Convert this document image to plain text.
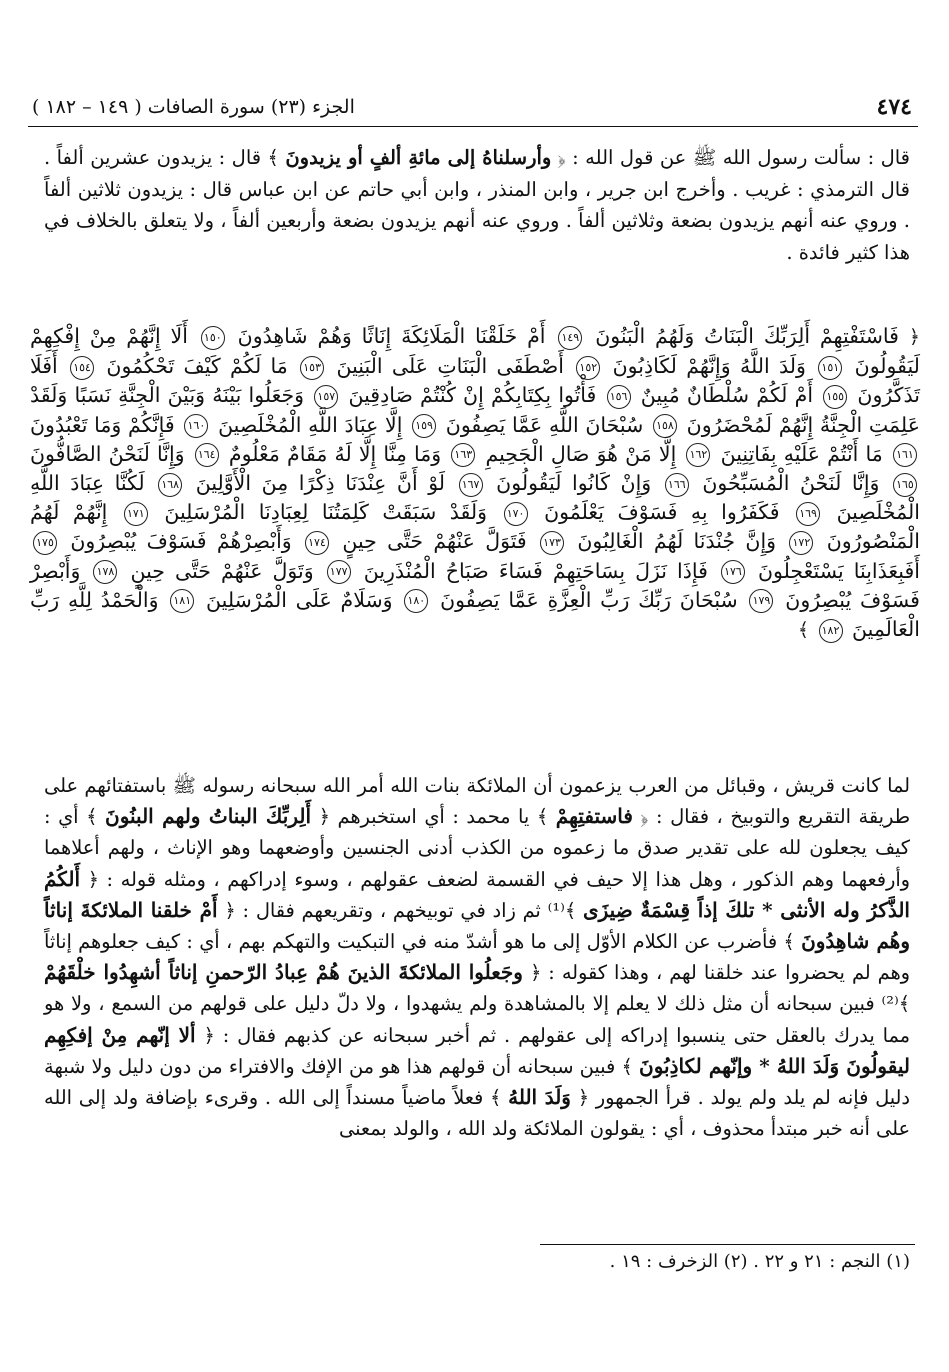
٤٧٤
الجزء (٢٣) سورة الصافات ( ١٤٩ – ١٨٢ )
قال : سألت رسول الله ﷺ عن قول الله : ﴿ وأرسلناهُ إلى مائةِ ألفٍ أو يزيدونَ ﴾ قال : يزيدون عشرين ألفاً . قال الترمذي : غريب . وأخرج ابن جرير ، وابن المنذر ، وابن أبي حاتم عن ابن عباس قال : يزيدون ثلاثين ألفاً . وروي عنه أنهم يزيدون بضعة وثلاثين ألفاً . وروي عنه أنهم يزيدون بضعة وأربعين ألفاً ، ولا يتعلق بالخلاف في هذا كثير فائدة .
﴿ فَاسْتَفْتِهِمْ أَلِرَبِّكَ الْبَنَاتُ وَلَهُمُ الْبَنُونَ ١٤٩ أَمْ خَلَقْنَا الْمَلَائِكَةَ إِنَاثًا وَهُمْ شَاهِدُونَ ١٥٠ أَلَا إِنَّهُمْ مِنْ إِفْكِهِمْ لَيَقُولُونَ ١٥١ وَلَدَ اللَّهُ وَإِنَّهُمْ لَكَاذِبُونَ ١٥٢ أَصْطَفَى الْبَنَاتِ عَلَى الْبَنِينَ ١٥٣ مَا لَكُمْ كَيْفَ تَحْكُمُونَ ١٥٤ أَفَلَا تَذَكَّرُونَ ١٥٥ أَمْ لَكُمْ سُلْطَانٌ مُبِينٌ ١٥٦ فَأْتُوا بِكِتَابِكُمْ إِنْ كُنْتُمْ صَادِقِينَ ١٥٧ وَجَعَلُوا بَيْنَهُ وَبَيْنَ الْجِنَّةِ نَسَبًا وَلَقَدْ عَلِمَتِ الْجِنَّةُ إِنَّهُمْ لَمُحْضَرُونَ ١٥٨ سُبْحَانَ اللَّهِ عَمَّا يَصِفُونَ ١٥٩ إِلَّا عِبَادَ اللَّهِ الْمُخْلَصِينَ ١٦٠ فَإِنَّكُمْ وَمَا تَعْبُدُونَ ١٦١ مَا أَنْتُمْ عَلَيْهِ بِفَاتِنِينَ ١٦٢ إِلَّا مَنْ هُوَ صَالِ الْجَحِيمِ ١٦٣ وَمَا مِنَّا إِلَّا لَهُ مَقَامٌ مَعْلُومٌ ١٦٤ وَإِنَّا لَنَحْنُ الصَّافُّونَ ١٦٥ وَإِنَّا لَنَحْنُ الْمُسَبِّحُونَ ١٦٦ وَإِنْ كَانُوا لَيَقُولُونَ ١٦٧ لَوْ أَنَّ عِنْدَنَا ذِكْرًا مِنَ الْأَوَّلِينَ ١٦٨ لَكُنَّا عِبَادَ اللَّهِ الْمُخْلَصِينَ ١٦٩ فَكَفَرُوا بِهِ فَسَوْفَ يَعْلَمُونَ ١٧٠ وَلَقَدْ سَبَقَتْ كَلِمَتُنَا لِعِبَادِنَا الْمُرْسَلِينَ ١٧١ إِنَّهُمْ لَهُمُ الْمَنْصُورُونَ ١٧٢ وَإِنَّ جُنْدَنَا لَهُمُ الْغَالِبُونَ ١٧٣ فَتَوَلَّ عَنْهُمْ حَتَّى حِينٍ ١٧٤ وَأَبْصِرْهُمْ فَسَوْفَ يُبْصِرُونَ ١٧٥ أَفَبِعَذَابِنَا يَسْتَعْجِلُونَ ١٧٦ فَإِذَا نَزَلَ بِسَاحَتِهِمْ فَسَاءَ صَبَاحُ الْمُنْذَرِينَ ١٧٧ وَتَوَلَّ عَنْهُمْ حَتَّى حِينٍ ١٧٨ وَأَبْصِرْ فَسَوْفَ يُبْصِرُونَ ١٧٩ سُبْحَانَ رَبِّكَ رَبِّ الْعِزَّةِ عَمَّا يَصِفُونَ ١٨٠ وَسَلَامٌ عَلَى الْمُرْسَلِينَ ١٨١ وَالْحَمْدُ لِلَّهِ رَبِّ الْعَالَمِينَ ١٨٢ ﴾
لما كانت قريش ، وقبائل من العرب يزعمون أن الملائكة بنات الله أمر الله سبحانه رسوله ﷺ باستفتائهم على طريقة التقريع والتوبيخ ، فقال : ﴿ فاستفتِهِمْ ﴾ يا محمد : أي استخبرهم ﴿ أَلِربِّكَ البناتُ ولهم البنُونَ ﴾ أي : كيف يجعلون لله على تقدير صدق ما زعموه من الكذب أدنى الجنسين وأوضعهما وهو الإناث ، ولهم أعلاهما وأرفعهما وهم الذكور ، وهل هذا إلا حيف في القسمة لضعف عقولهم ، وسوء إدراكهم ، ومثله قوله : ﴿ أَلكُمُ الذَّكرُ وله الأنثى * تلكَ إذاً قِسْمَةٌ ضِيزَى ﴾⁽¹⁾ ثم زاد في توبيخهم ، وتقريعهم فقال : ﴿ أَمْ خلقنا الملائكةَ إناثاً وهُم شاهِدُونَ ﴾ فأضرب عن الكلام الأوّل إلى ما هو أشدّ منه في التبكيت والتهكم بهم ، أي : كيف جعلوهم إناثاً وهم لم يحضروا عند خلقنا لهم ، وهذا كقوله : ﴿ وجَعلُوا الملائكةَ الذينَ هُمْ عِبادُ الرّحمنِ إناثاً أشهِدُوا خلْقَهُمْ ﴾⁽²⁾ فبين سبحانه أن مثل ذلك لا يعلم إلا بالمشاهدة ولم يشهدوا ، ولا دلّ دليل على قولهم من السمع ، ولا هو مما يدرك بالعقل حتى ينسبوا إدراكه إلى عقولهم . ثم أخبر سبحانه عن كذبهم فقال : ﴿ ألا إنّهم مِنْ إفكِهِم ليقولُونَ وَلَدَ اللهُ * وإنّهم لكاذِبُونَ ﴾ فبين سبحانه أن قولهم هذا هو من الإفك والافتراء من دون دليل ولا شبهة دليل فإنه لم يلد ولم يولد . قرأ الجمهور ﴿ وَلَدَ اللهُ ﴾ فعلاً ماضياً مسنداً إلى الله . وقرىء بإضافة ولد إلى الله على أنه خبر مبتدأ محذوف ، أي : يقولون الملائكة ولد الله ، والولد بمعنى
(١) النجم : ٢١ و ٢٢ . (٢) الزخرف : ١٩ .
